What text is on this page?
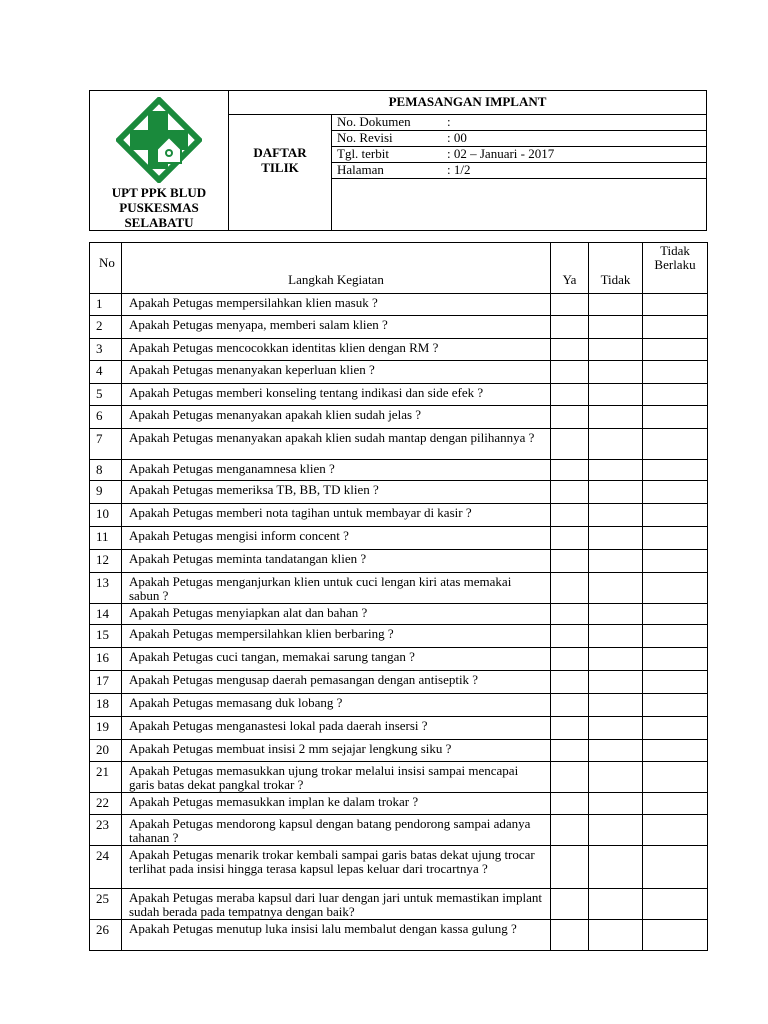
UPT PPK BLUD
PUSKESMAS
SELABATU
	PEMASANGAN IMPLANT

DAFTAR
TILIK

No. Dokumen	:
No. Revisi	: 00
Tgl. terbit	: 02 – Januari - 2017
Halaman	: 1/2
No	Langkah Kegiatan	Ya	Tidak	Tidak
Berlaku
1	Apakah Petugas mempersilahkan klien masuk ?			
2	Apakah Petugas menyapa, memberi salam klien ?			
3	Apakah Petugas mencocokkan identitas klien dengan RM ?			
4	Apakah Petugas menanyakan keperluan klien ?			
5	Apakah Petugas memberi konseling tentang indikasi dan side efek ?			
6	Apakah Petugas menanyakan apakah klien sudah jelas ?			
7	Apakah Petugas menanyakan apakah klien sudah mantap dengan pilihannya ?			
8	Apakah Petugas menganamnesa klien ?			
9	Apakah Petugas memeriksa TB, BB, TD klien ?			
10	Apakah Petugas memberi nota tagihan untuk membayar di kasir ?			
11	Apakah Petugas mengisi inform concent ?			
12	Apakah Petugas meminta tandatangan klien ?			
13	Apakah Petugas menganjurkan klien untuk cuci lengan kiri atas memakai sabun ?			
14	Apakah Petugas menyiapkan alat dan bahan ?			
15	Apakah Petugas mempersilahkan klien berbaring ?			
16	Apakah Petugas cuci tangan, memakai sarung tangan ?			
17	Apakah Petugas mengusap daerah pemasangan dengan antiseptik ?			
18	Apakah Petugas memasang duk lobang ?			
19	Apakah Petugas menganastesi lokal pada daerah insersi ?			
20	Apakah Petugas membuat insisi 2 mm sejajar lengkung siku ?			
21	Apakah Petugas memasukkan ujung trokar melalui insisi sampai mencapai garis batas dekat pangkal trokar ?			
22	Apakah Petugas memasukkan implan ke dalam trokar ?			
23	Apakah Petugas mendorong kapsul dengan batang pendorong sampai adanya tahanan ?			
24	Apakah Petugas menarik trokar kembali sampai garis batas dekat ujung trocar terlihat pada insisi hingga terasa kapsul lepas keluar dari trocartnya ?			
25	Apakah Petugas meraba kapsul dari luar dengan jari untuk memastikan implant sudah berada pada tempatnya dengan baik?			
26	Apakah Petugas menutup luka insisi lalu membalut dengan kassa gulung ?			
